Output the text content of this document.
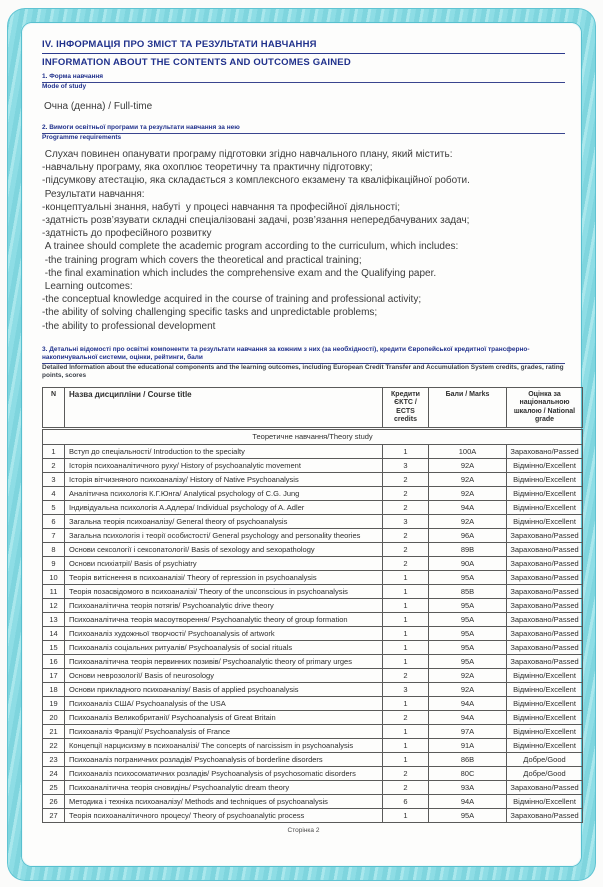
IV. ІНФОРМАЦІЯ ПРО ЗМІСТ ТА РЕЗУЛЬТАТИ НАВЧАННЯ
INFORMATION ABOUT THE CONTENTS AND OUTCOMES GAINED
1. Форма навчання
Mode of study
Очна (денна) / Full-time
2. Вимоги освітньої програми та результати навчання за нею
Programme requirements
Слухач повинен опанувати програму підготовки згідно навчального плану, який містить:
-навчальну програму, яка охоплює теоретичну та практичну підготовку;
-підсумкову атестацію, яка складається з комплексного екзамену та кваліфікаційної роботи.
Результати навчання:
-концептуальні знання, набуті  у процесі навчання та професійної діяльності;
-здатність розв’язувати складні спеціалізовані задачі, розв’язання непередбачуваних задач;
-здатність до професійного розвитку
A trainee should complete the academic program according to the curriculum, which includes:
-the training program which covers the theoretical and practical training;
-the final examination which includes the comprehensive exam and the Qualifying paper.
Learning outcomes:
-the conceptual knowledge acquired in the course of training and professional activity;
-the ability of solving challenging specific tasks and unpredictable problems;
-the ability to professional development
3. Детальні відомості про освітні компоненти та результати навчання за кожним з них (за необхідності), кредити Європейської кредитної трансферно-накопичувальної системи, оцінки, рейтинги, бали
Detailed Information about the educational components and the learning outcomes, including European Credit Transfer and Accumulation System credits, grades, rating points, scores
N	Назва дисципліни / Course title	Кредити ЄКТС / ECTS credits	Бали / Marks	Оцінка за національною шкалою / National grade
Теоретичне навчання/Theory study				
1	Вступ до спеціальності/ Introduction to the specialty	1	100A	Зараховано/Passed
2	Історія психоаналітичного руху/ History of psychoanalytic movement	3	92A	Відмінно/Excellent
3	Історія вітчизняного психоаналізу/ History of Native Psychoanalysis	2	92A	Відмінно/Excellent
4	Аналітична психологія К.Г.Юнга/ Analytical psychology of C.G. Jung	2	92A	Відмінно/Excellent
5	Індивідуальна психологія А.Адлера/ Individual psychology of A. Adler	2	94A	Відмінно/Excellent
6	Загальна теорія психоаналізу/ General theory of psychoanalysis	3	92A	Відмінно/Excellent
7	Загальна психологія і теорії особистості/ General psychology and personality theories	2	96A	Зараховано/Passed
8	Основи сексології і сексопатології/ Basis of sexology and sexopathology	2	89B	Зараховано/Passed
9	Основи психіатрії/ Basis of psychiatry	2	90A	Зараховано/Passed
10	Теорія витіснення в психоаналізі/ Theory of repression in psychoanalysis	1	95A	Зараховано/Passed
11	Теорія позасвідомого в психоаналізі/ Theory of the unconscious in psychoanalysis	1	85B	Зараховано/Passed
12	Психоаналітична теорія потягів/ Psychoanalytic drive theory	1	95A	Зараховано/Passed
13	Психоаналітична теорія масоутворення/ Psychoanalytic theory of group formation	1	95A	Зараховано/Passed
14	Психоаналіз художньої творчості/ Psychoanalysis of artwork	1	95A	Зараховано/Passed
15	Психоаналіз соціальних ритуалів/ Psychoanalysis of social rituals	1	95A	Зараховано/Passed
16	Психоаналітична теорія первинних позивів/ Psychoanalytic theory of primary urges	1	95A	Зараховано/Passed
17	Основи неврозології/ Basis of neurosology	2	92A	Відмінно/Excellent
18	Основи прикладного психоаналізу/ Basis of applied psychoanalysis	3	92A	Відмінно/Excellent
19	Психоаналіз США/ Psychoanalysis of the USA	1	94A	Відмінно/Excellent
20	Психоаналіз Великобританії/ Psychoanalysis of Great Britain	2	94A	Відмінно/Excellent
21	Психоаналіз Франції/ Psychoanalysis of France	1	97A	Відмінно/Excellent
22	Концепції нарцисизму в психоаналізі/ The concepts of narcissism in psychoanalysis	1	91A	Відмінно/Excellent
23	Психоаналіз пограничних розладів/ Psychoanalysis of borderline disorders	1	86B	Добре/Good
24	Психоаналіз психосоматичних розладів/ Psychoanalysis of psychosomatic disorders	2	80C	Добре/Good
25	Психоаналітична теорія сновидінь/ Psychoanalytic dream theory	2	93A	Зараховано/Passed
26	Методика і техніка психоаналізу/ Methods and techniques of psychoanalysis	6	94A	Відмінно/Excellent
27	Теорія психоаналітичного процесу/ Theory of psychoanalytic process	1	95A	Зараховано/Passed
Сторінка 2
